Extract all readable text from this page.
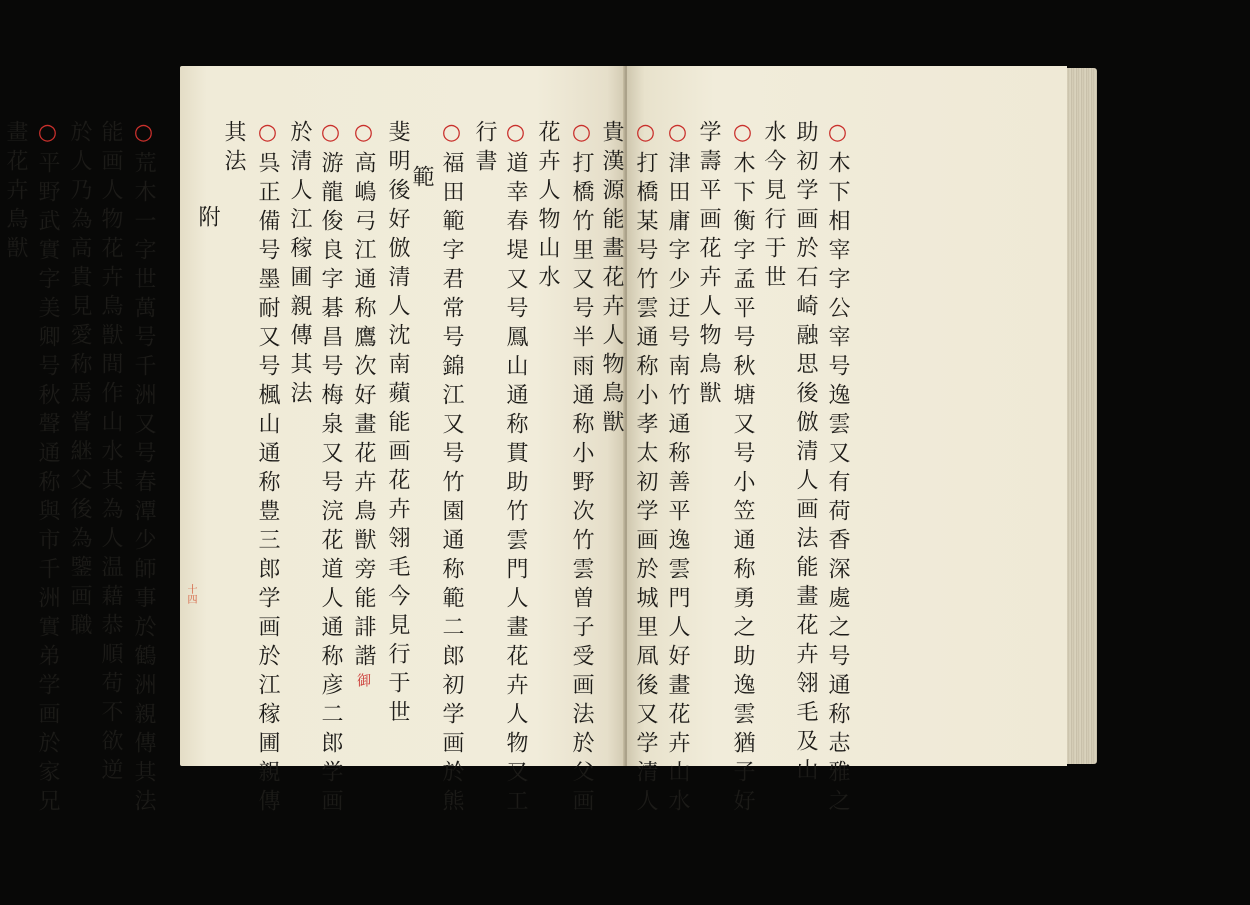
斐明後好倣清人沈南蘋能画花卉翎毛今見行于世
○高嶋弓江通称鷹次好畫花卉鳥獣旁能誹諧御
○游龍俊良字碁昌号梅泉又号浣花道人通称彦二郎学画
於清人江稼圃親傳其法
○呉正備号墨耐又号楓山通称豊三郎学画於江稼圃親傳
其法
附
○荒木一字世萬号千洲又号春潭少師事於鶴洲親傳其法
能画人物花卉鳥獣間作山水其為人温藉恭順苟不欲逆
於人乃為高貴見愛称焉嘗継父後為鑒画職
○平野武實字美卿号秋聲通称與市千洲實弟学画於家兄
畫花卉鳥獣
十四
○木下相宰字公宰号逸雲又有荷香深處之号通称志雅之
助初学画於石崎融思後倣清人画法能畫花卉翎毛及山
水今見行于世
○木下衡字孟平号秋塘又号小笠通称勇之助逸雲猶子好
学壽平画花卉人物鳥獣
○津田庸字少迂号南竹通称善平逸雲門人好畫花卉山水
○打橋某号竹雲通称小孝太初学画於城里凮後又学清人
貴漢源能畫花卉人物鳥獣
○打橋竹里又号半雨通称小野次竹雲曽子受画法於父画
花卉人物山水
○道幸春堤又号鳳山通称貫助竹雲門人畫花卉人物又工
行書
○福田範字君常号錦江又号竹園通称範二郎初学画於熊
範
